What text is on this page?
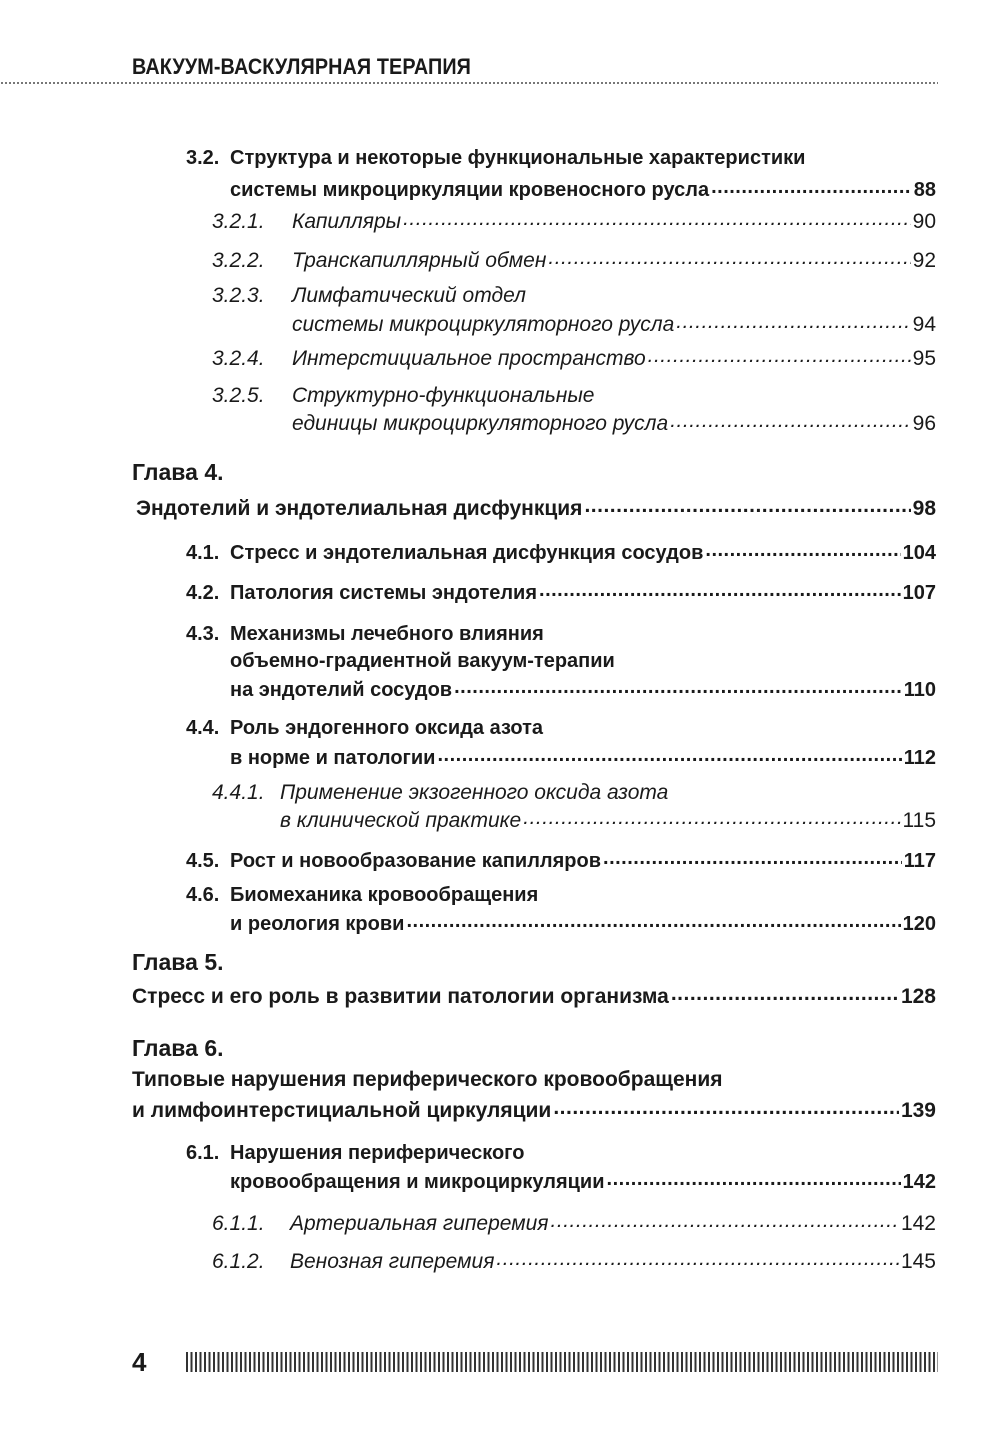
ВАКУУМ-ВАСКУЛЯРНАЯ ТЕРАПИЯ
3.2. Структура и некоторые функциональные характеристики
системы микроциркуляции кровеносного русла .....	88
3.2.1.	Капилляры .....	90
3.2.2.	Транскапиллярный обмен .....	92
3.2.3.	Лимфатический отдел
системы микроциркуляторного русла .....	94
3.2.4.	Интерстициальное пространство .....	95
3.2.5.	Структурно-функциональные
единицы микроциркуляторного русла .....	96
Глава 4.
Эндотелий и эндотелиальная дисфункция .....	98
4.1. Стресс и эндотелиальная дисфункция сосудов .....	104
4.2. Патология системы эндотелия .....	107
4.3. Механизмы лечебного влияния
объемно-градиентной вакуум-терапии
на эндотелий сосудов .....	110
4.4. Роль эндогенного оксида азота
в норме и патологии .....	112
4.4.1. Применение экзогенного оксида азота
в клинической практике .....	115
4.5. Рост и новообразование капилляров .....	117
4.6. Биомеханика кровообращения
и реология крови .....	120
Глава 5.
Стресс и его роль в развитии патологии организма .....	128
Глава 6.
Типовые нарушения периферического кровообращения
и лимфоинтерстициальной циркуляции .....	139
6.1. Нарушения периферического
кровообращения и микроциркуляции .....	142
6.1.1.	Артериальная гиперемия .....	142
6.1.2.	Венозная гиперемия .....	145
4
